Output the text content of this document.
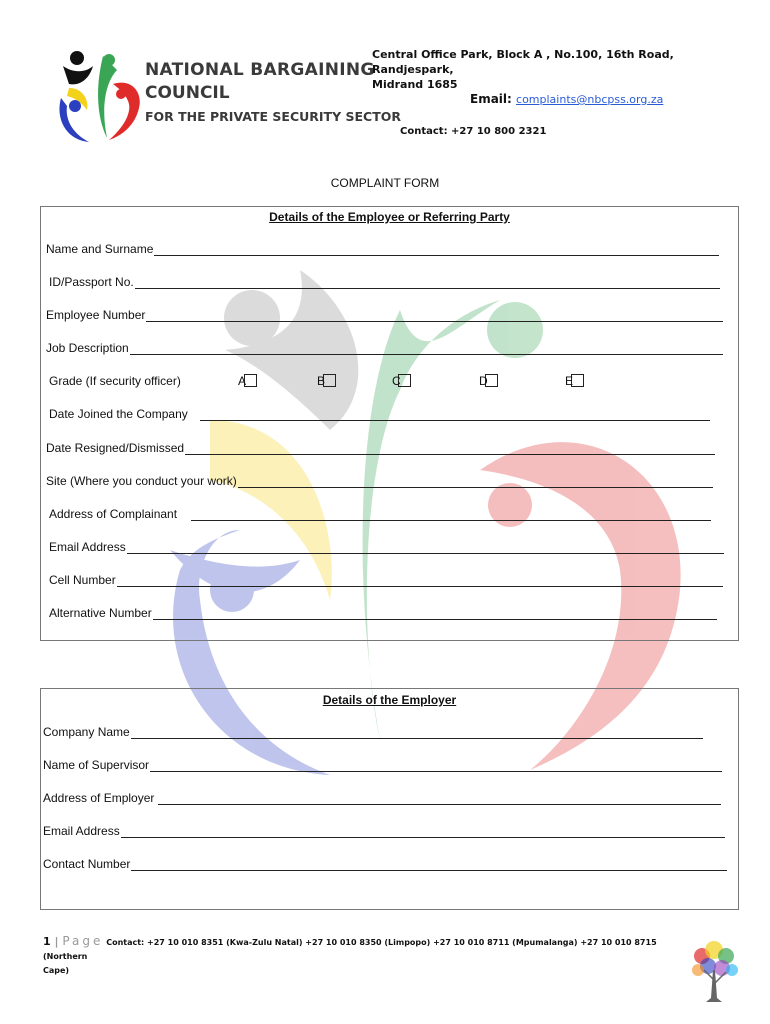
NATIONAL BARGAINING
COUNCIL
FOR THE PRIVATE SECURITY SECTOR
Central Office Park, Block A , No.100, 16th Road, Randjespark,
Midrand 1685
Email: complaints@nbcpss.org.za
Contact: +27 10 800 2321
COMPLAINT FORM
Details of the Employee or Referring Party
Name and Surname
ID/Passport No.
Employee Number
Job Description
Grade (If security officer)	A	B	C	D	E
Date Joined the Company
Date Resigned/Dismissed
Site (Where you conduct your work)
Address of Complainant
Email Address
Cell Number
Alternative Number
Details of the Employer
Company Name
Name of Supervisor
Address of Employer
Email Address
Contact Number
1 | Page Contact: +27 10 010 8351 (Kwa-Zulu Natal) +27 10 010 8350 (Limpopo) +27 10 010 8711 (Mpumalanga) +27 10 010 8715 (Northern
Cape)
